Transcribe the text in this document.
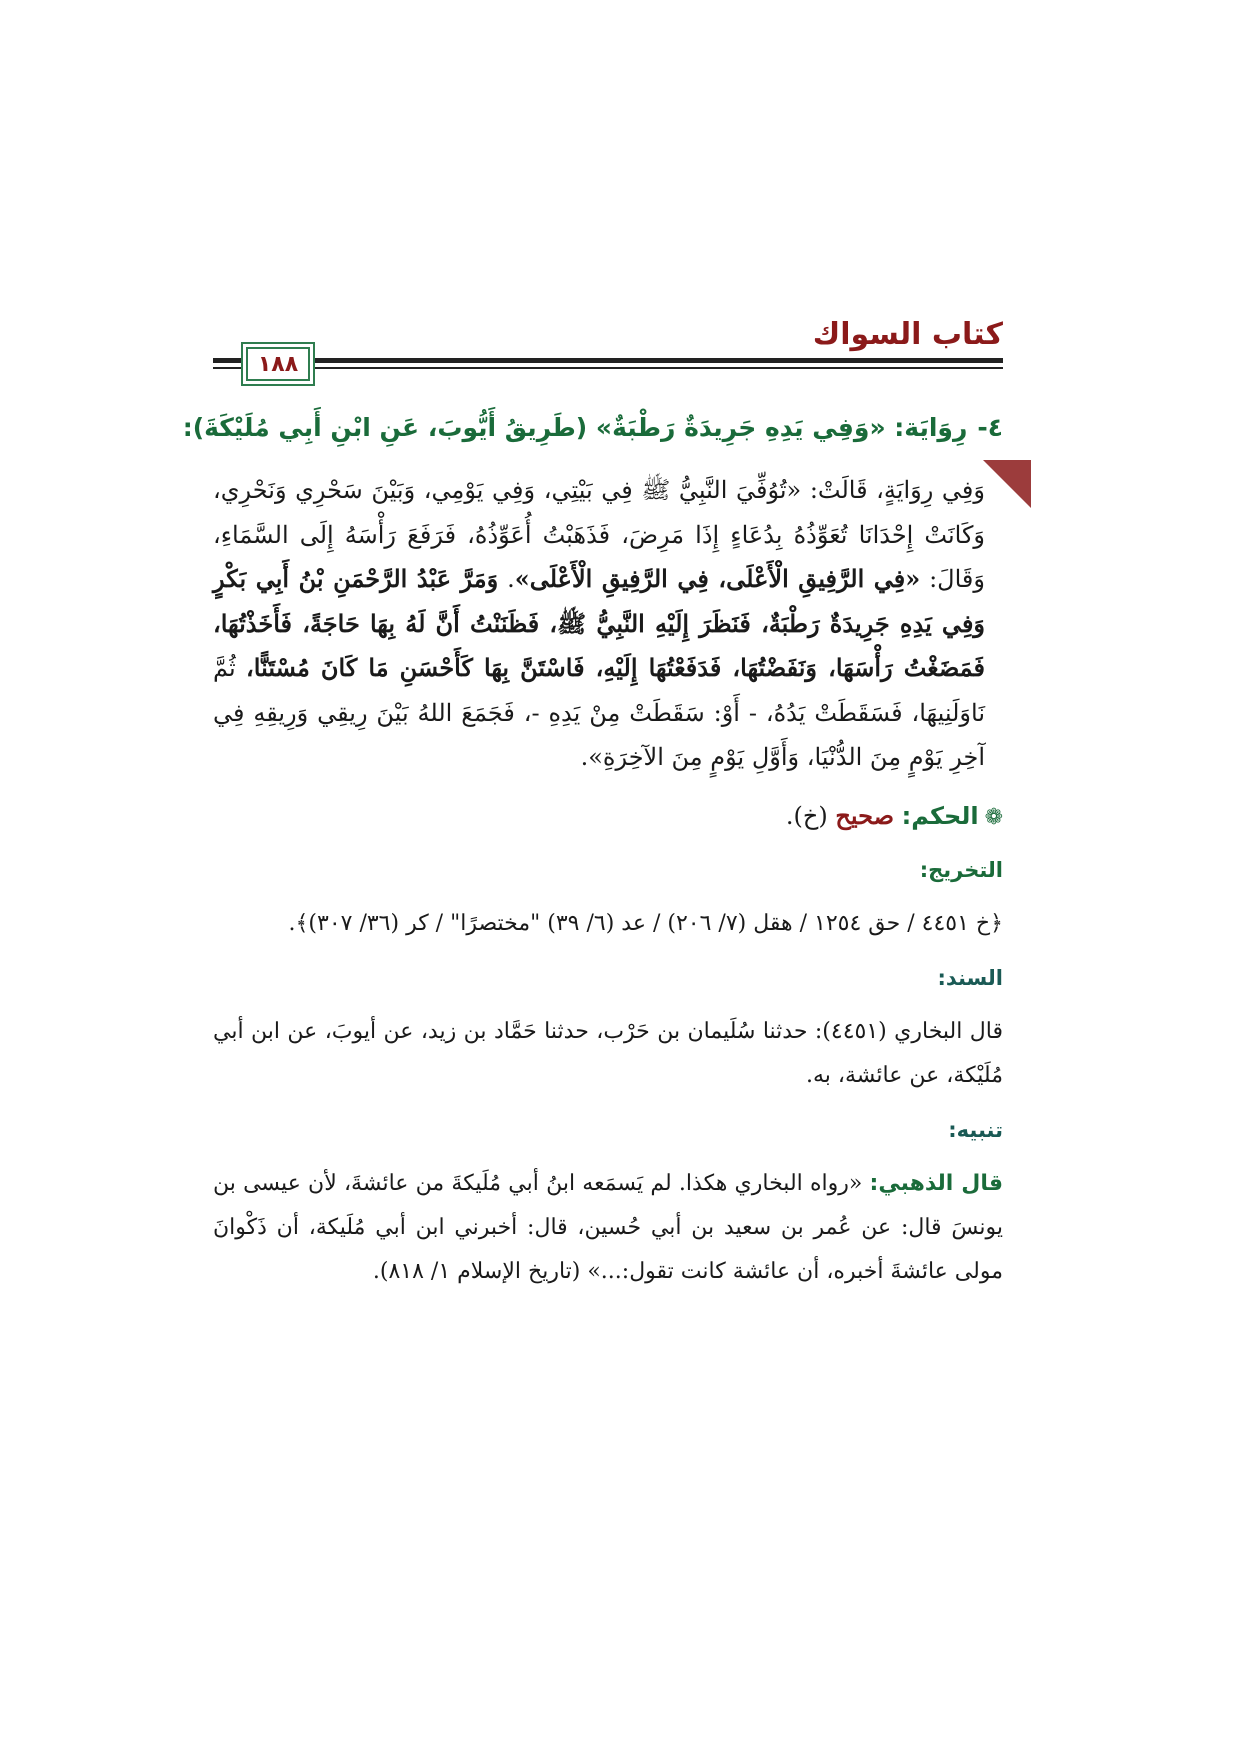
كتاب السواك
١٨٨
٤-رِوَايَة: «وَفِي يَدِهِ جَرِيدَةٌ رَطْبَةٌ» (طَرِيقُ أَيُّوبَ، عَنِ ابْنِ أَبِي مُلَيْكَةَ):
وَفِي رِوَايَةٍ، قَالَتْ: «تُوُفِّيَ النَّبِيُّ ﷺ فِي بَيْتِي، وَفِي يَوْمِي، وَبَيْنَ سَحْرِي وَنَحْرِي، وَكَانَتْ إِحْدَانَا تُعَوِّذُهُ بِدُعَاءٍ إِذَا مَرِضَ، فَذَهَبْتُ أُعَوِّذُهُ، فَرَفَعَ رَأْسَهُ إِلَى السَّمَاءِ، وَقَالَ: «فِي الرَّفِيقِ الْأَعْلَى، فِي الرَّفِيقِ الْأَعْلَى». وَمَرَّ عَبْدُ الرَّحْمَنِ بْنُ أَبِي بَكْرٍ وَفِي يَدِهِ جَرِيدَةٌ رَطْبَةٌ، فَنَظَرَ إِلَيْهِ النَّبِيُّ ﷺ، فَظَنَنْتُ أَنَّ لَهُ بِهَا حَاجَةً، فَأَخَذْتُهَا، فَمَضَغْتُ رَأْسَهَا، وَنَفَضْتُهَا، فَدَفَعْتُهَا إِلَيْهِ، فَاسْتَنَّ بِهَا كَأَحْسَنِ مَا كَانَ مُسْتَنًّا، ثُمَّ نَاوَلَنِيهَا، فَسَقَطَتْ يَدُهُ، - أَوْ: سَقَطَتْ مِنْ يَدِهِ -، فَجَمَعَ اللهُ بَيْنَ رِيقِي وَرِيقِهِ فِي آخِرِ يَوْمٍ مِنَ الدُّنْيَا، وَأَوَّلِ يَوْمٍ مِنَ الآخِرَةِ».
❁الحكم: صحيح (خ).
التخريج:
﴿خ ٤٤٥١ / حق ١٢٥٤ / هقل (٧/ ٢٠٦) / عد (٦/ ٣٩) "مختصرًا" / كر (٣٦/ ٣٠٧)﴾.
السند:
قال البخاري (٤٤٥١): حدثنا سُلَيمان بن حَرْب، حدثنا حَمَّاد بن زيد، عن أيوبَ، عن ابن أبي مُلَيْكة، عن عائشة، به.
تنبيه:
قال الذهبي: «رواه البخاري هكذا. لم يَسمَعه ابنُ أبي مُلَيكةَ من عائشةَ، لأن عيسى بن يونسَ قال: عن عُمر بن سعيد بن أبي حُسين، قال: أخبرني ابن أبي مُلَيكة، أن ذَكْوانَ مولى عائشةَ أخبره، أن عائشة كانت تقول:...» (تاريخ الإسلام ١/ ٨١٨).
